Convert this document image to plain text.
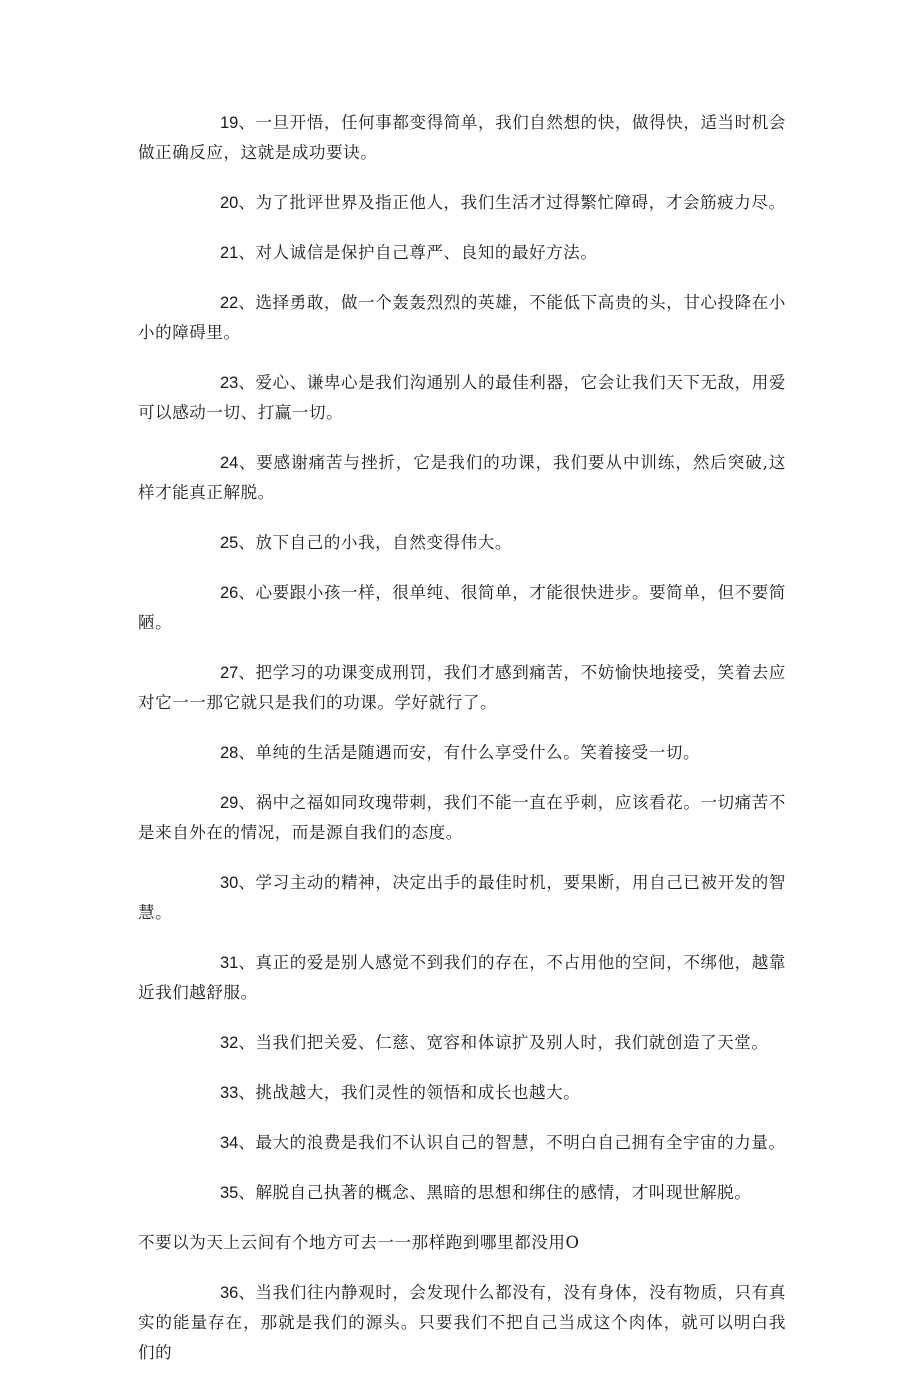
19、一旦开悟，任何事都变得简单，我们自然想的快，做得快，适当时机会做正确反应，这就是成功要诀。

20、为了批评世界及指正他人，我们生活才过得繁忙障碍，才会筋疲力尽。

21、对人诚信是保护自己尊严、良知的最好方法。

22、选择勇敢，做一个轰轰烈烈的英雄，不能低下高贵的头，甘心投降在小小的障碍里。

23、爱心、谦卑心是我们沟通别人的最佳利器，它会让我们天下无敌，用爱可以感动一切、打赢一切。

24、要感谢痛苦与挫折，它是我们的功课，我们要从中训练，然后突破,这样才能真正解脱。

25、放下自己的小我，自然变得伟大。

26、心要跟小孩一样，很单纯、很简单，才能很快进步。要简单，但不要简陋。

27、把学习的功课变成刑罚，我们才感到痛苦，不妨愉快地接受，笑着去应对它一一那它就只是我们的功课。学好就行了。

28、单纯的生活是随遇而安，有什么享受什么。笑着接受一切。

29、祸中之福如同玫瑰带刺，我们不能一直在乎刺，应该看花。一切痛苦不是来自外在的情况，而是源自我们的态度。

30、学习主动的精神，决定出手的最佳时机，要果断，用自己已被开发的智慧。

31、真正的爱是别人感觉不到我们的存在，不占用他的空间，不绑他，越靠近我们越舒服。

32、当我们把关爱、仁慈、宽容和体谅扩及别人时，我们就创造了天堂。

33、挑战越大，我们灵性的领悟和成长也越大。

34、最大的浪费是我们不认识自己的智慧，不明白自己拥有全宇宙的力量。

35、解脱自己执著的概念、黑暗的思想和绑住的感情，才叫现世解脱。

不要以为天上云间有个地方可去一一那样跑到哪里都没用O

36、当我们往内静观时，会发现什么都没有，没有身体，没有物质，只有真实的能量存在，那就是我们的源头。只要我们不把自己当成这个肉体，就可以明白我们的
